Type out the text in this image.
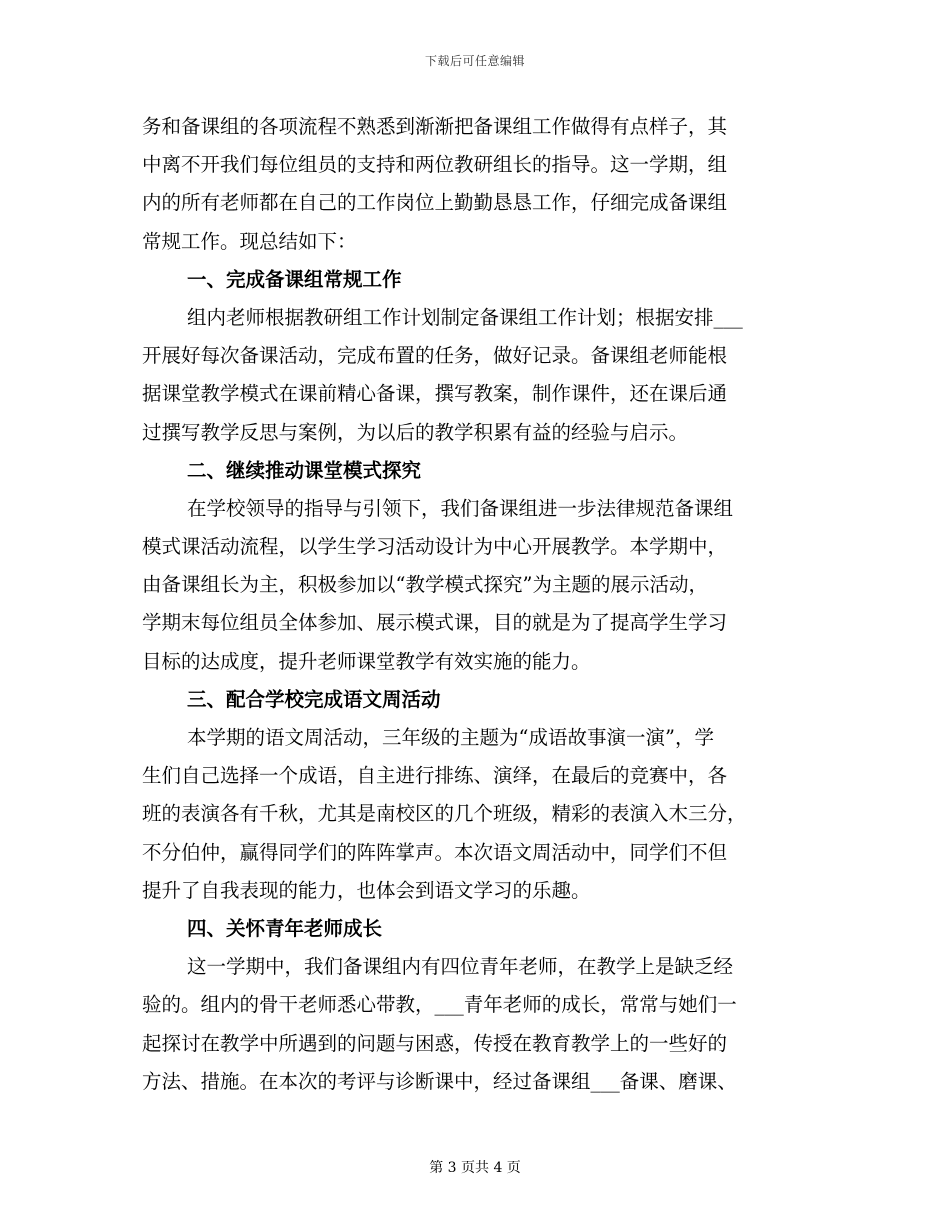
下载后可任意编辑
务和备课组的各项流程不熟悉到渐渐把备课组工作做得有点样子，其
中离不开我们每位组员的支持和两位教研组长的指导。这一学期，组
内的所有老师都在自己的工作岗位上勤勤恳恳工作，仔细完成备课组
常规工作。现总结如下：
一、完成备课组常规工作
组内老师根据教研组工作计划制定备课组工作计划；根据安排___
开展好每次备课活动，完成布置的任务，做好记录。备课组老师能根
据课堂教学模式在课前精心备课，撰写教案，制作课件，还在课后通
过撰写教学反思与案例，为以后的教学积累有益的经验与启示。
二、继续推动课堂模式探究
在学校领导的指导与引领下，我们备课组进一步法律规范备课组
模式课活动流程，以学生学习活动设计为中心开展教学。本学期中，
由备课组长为主，积极参加以“教学模式探究”为主题的展示活动，
学期末每位组员全体参加、展示模式课，目的就是为了提高学生学习
目标的达成度，提升老师课堂教学有效实施的能力。
三、配合学校完成语文周活动
本学期的语文周活动，三年级的主题为“成语故事演一演”，学
生们自己选择一个成语，自主进行排练、演绎，在最后的竞赛中，各
班的表演各有千秋，尤其是南校区的几个班级，精彩的表演入木三分，
不分伯仲，赢得同学们的阵阵掌声。本次语文周活动中，同学们不但
提升了自我表现的能力，也体会到语文学习的乐趣。
四、关怀青年老师成长
这一学期中，我们备课组内有四位青年老师，在教学上是缺乏经
验的。组内的骨干老师悉心带教，___青年老师的成长，常常与她们一
起探讨在教学中所遇到的问题与困惑，传授在教育教学上的一些好的
方法、措施。在本次的考评与诊断课中，经过备课组___备课、磨课、
第 3 页共 4 页
